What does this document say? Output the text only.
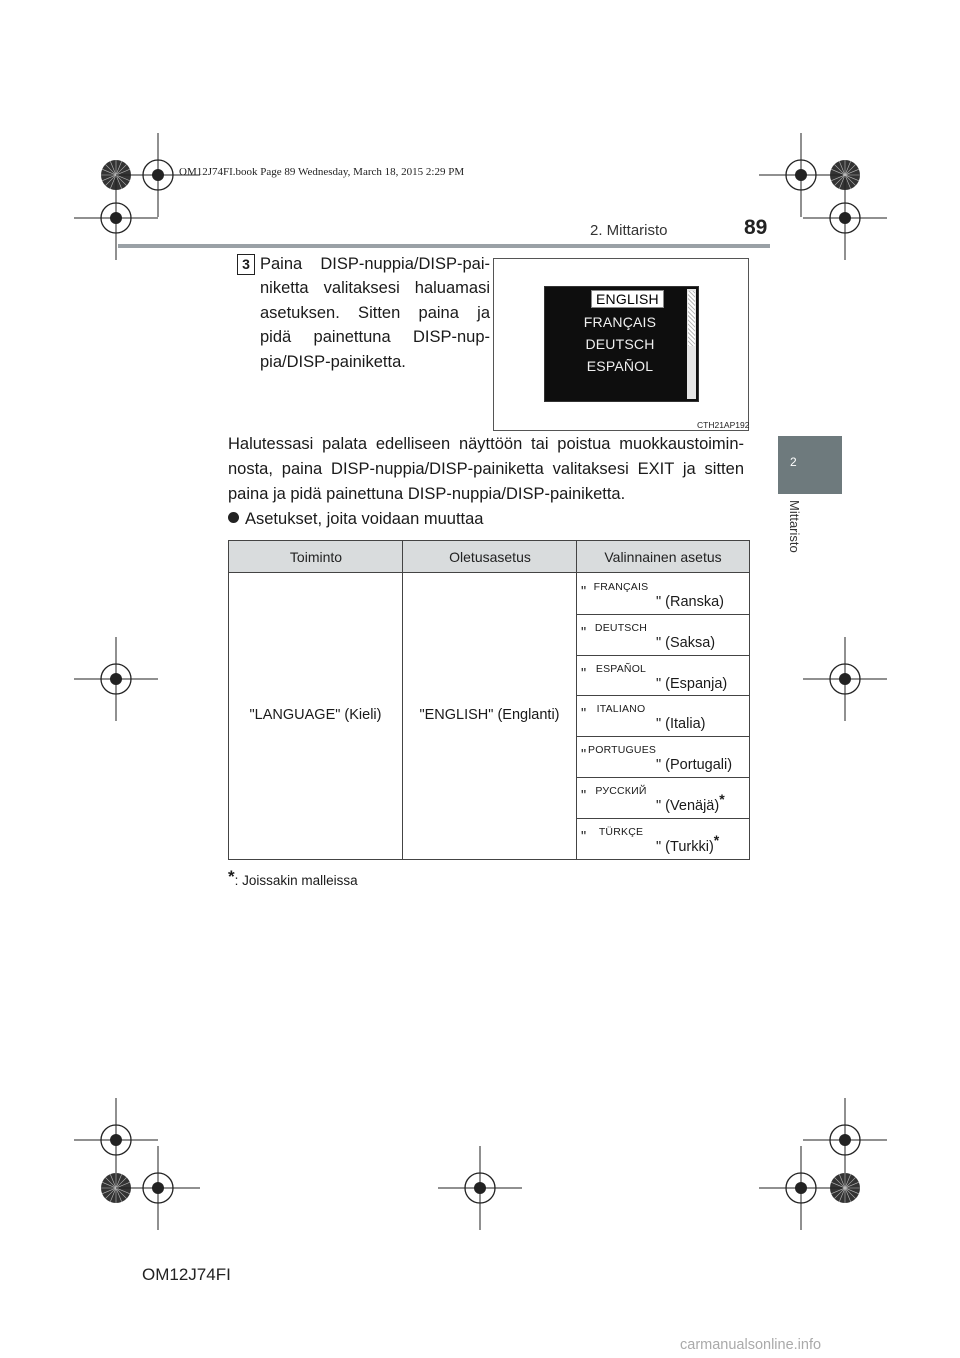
OM12J74FI.book Page 89 Wednesday, March 18, 2015 2:29 PM
2. Mittaristo	89
2
Mittaristo
3 Paina DISP-nuppia/DISP-pai-
niketta valitaksesi haluamasi
asetuksen. Sitten paina ja
pidä painettuna DISP-nup-
pia/DISP-painiketta.
ENGLISH
FRANÇAIS
DEUTSCH
ESPAÑOL
CTH21AP192
Halutessasi palata edelliseen näyttöön tai poistua muokkaustoimin-
nosta, paina DISP-nuppia/DISP-painiketta valitaksesi EXIT ja sitten
paina ja pidä painettuna DISP-nuppia/DISP-painiketta.
Asetukset, joita voidaan muuttaa
Toiminto	Oletusasetus	Valinnainen asetus
"LANGUAGE" (Kieli)	"ENGLISH" (Englanti)
" FRANÇAIS
" (Ranska)
" DEUTSCH
" (Saksa)
" ESPAÑOL
" (Espanja)
"	ITALIANO
" (Italia)
" PORTUGUES
" (Portugali)
" РУССКИЙ
" (Venäjä)*
"	TÜRKÇE
" (Turkki)*
*: Joissakin malleissa
OM12J74FI
carmanualsonline.info
